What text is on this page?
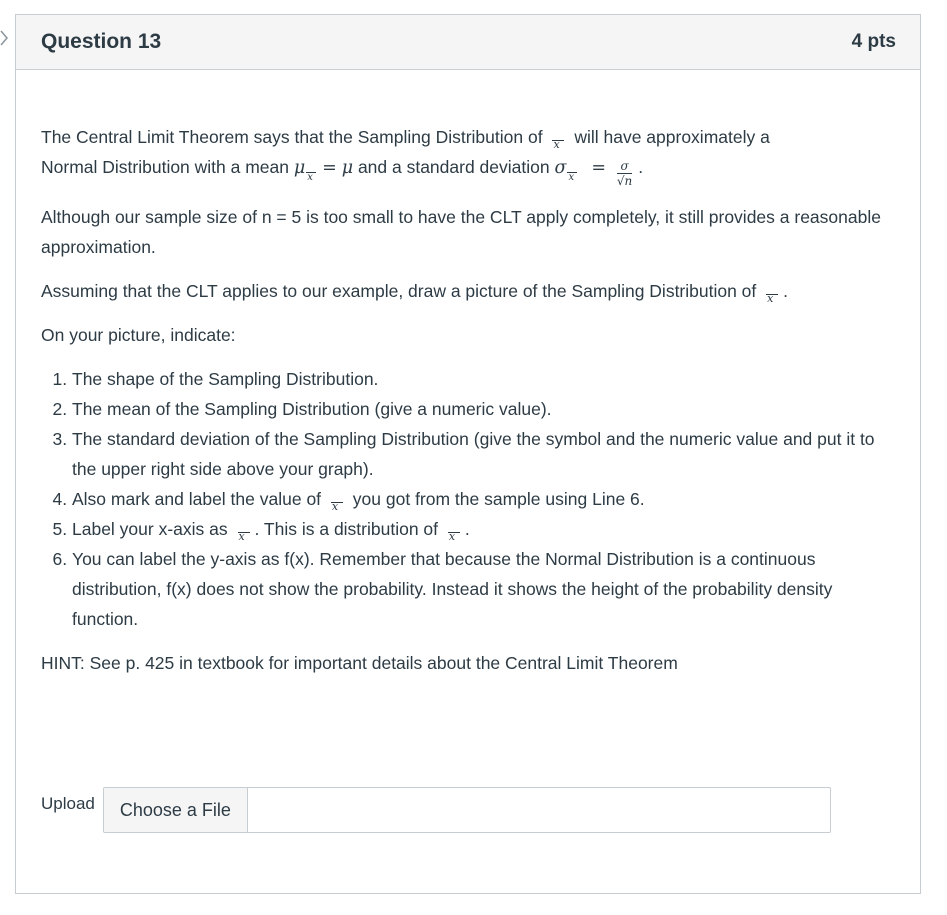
Question 13	4 pts

The Central Limit Theorem says that the Sampling Distribution of x will have approximately a
Normal Distribution with a mean μ x = μ and a standard deviation σ $x = \frac{\sigma}{√n}$ .

Although our sample size of n = 5 is too small to have the CLT apply completely, it still provides a reasonable approximation.

Assuming that the CLT applies to our example, draw a picture of the Sampling Distribution of x .

On your picture, indicate:

1. The shape of the Sampling Distribution.
2. The mean of the Sampling Distribution (give a numeric value).
3. The standard deviation of the Sampling Distribution (give the symbol and the numeric value and put it to the upper right side above your graph).
4. Also mark and label the value of x you got from the sample using Line 6.
5. Label your x-axis as x . This is a distribution of x .
6. You can label the y-axis as f(x). Remember that because the Normal Distribution is a continuous distribution, f(x) does not show the probability. Instead it shows the height of the probability density function.

HINT: See p. 425 in textbook for important details about the Central Limit Theorem

Upload	Choose a File
